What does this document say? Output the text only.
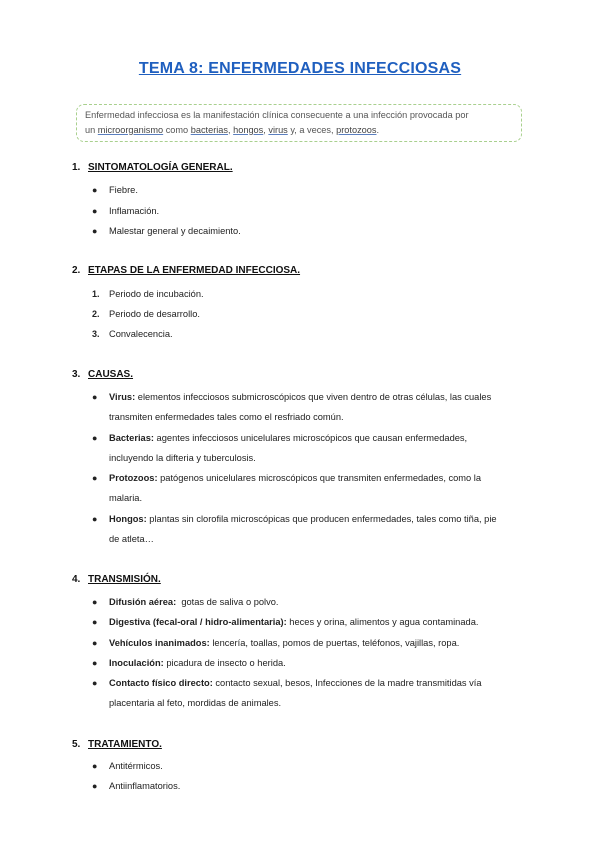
TEMA 8: ENFERMEDADES INFECCIOSAS
Enfermedad infecciosa es la manifestación clínica consecuente a una infección provocada por
un microorganismo como bacterias, hongos, virus y, a veces, protozoos.
1. SINTOMATOLOGÍA GENERAL.
●	Fiebre.
●	Inflamación.
●	Malestar general y decaimiento.
2. ETAPAS DE LA ENFERMEDAD INFECCIOSA.
1.	Periodo de incubación.
2.	Periodo de desarrollo.
3.	Convalecencia.
3. CAUSAS.
●	Virus: elementos infecciosos submicroscópicos que viven dentro de otras células, las cuales
transmiten enfermedades tales como el resfriado común.
●	Bacterias: agentes infecciosos unicelulares microscópicos que causan enfermedades,
incluyendo la difteria y tuberculosis.
●	Protozoos: patógenos unicelulares microscópicos que transmiten enfermedades, como la
malaria.
●	Hongos: plantas sin clorofila microscópicas que producen enfermedades, tales como tiña, pie
de atleta…
4. TRANSMISIÓN.
●	Difusión aérea:  gotas de saliva o polvo.
●	Digestiva (fecal-oral / hidro-alimentaria): heces y orina, alimentos y agua contaminada.
●	Vehículos inanimados: lencería, toallas, pomos de puertas, teléfonos, vajillas, ropa.
●	Inoculación: picadura de insecto o herida.
●	Contacto físico directo: contacto sexual, besos, Infecciones de la madre transmitidas vía
placentaria al feto, mordidas de animales.
5. TRATAMIENTO.
●	Antitérmicos.
●	Antiinflamatorios.
